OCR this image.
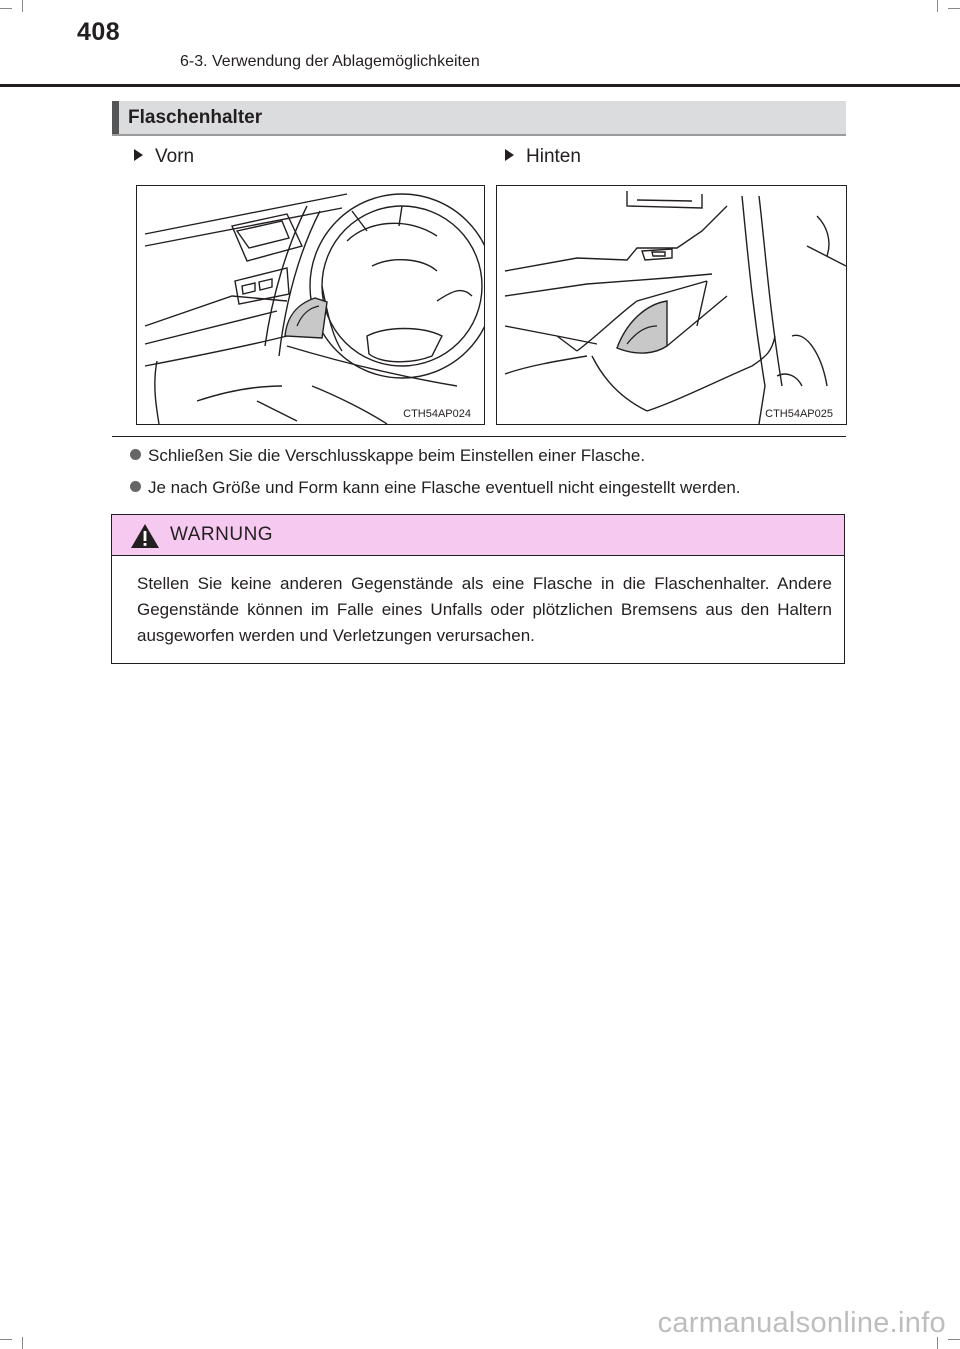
408
6-3. Verwendung der Ablagemöglichkeiten
Flaschenhalter
Vorn	Hinten
CTH54AP024	CTH54AP025
Schließen Sie die Verschlusskappe beim Einstellen einer Flasche.
Je nach Größe und Form kann eine Flasche eventuell nicht eingestellt werden.
WARNUNG
Stellen Sie keine anderen Gegenstände als eine Flasche in die Flaschenhalter. Andere Gegenstände können im Falle eines Unfalls oder plötzlichen Bremsens aus den Haltern ausgeworfen werden und Verletzungen verursachen.
carmanualsonline.info
